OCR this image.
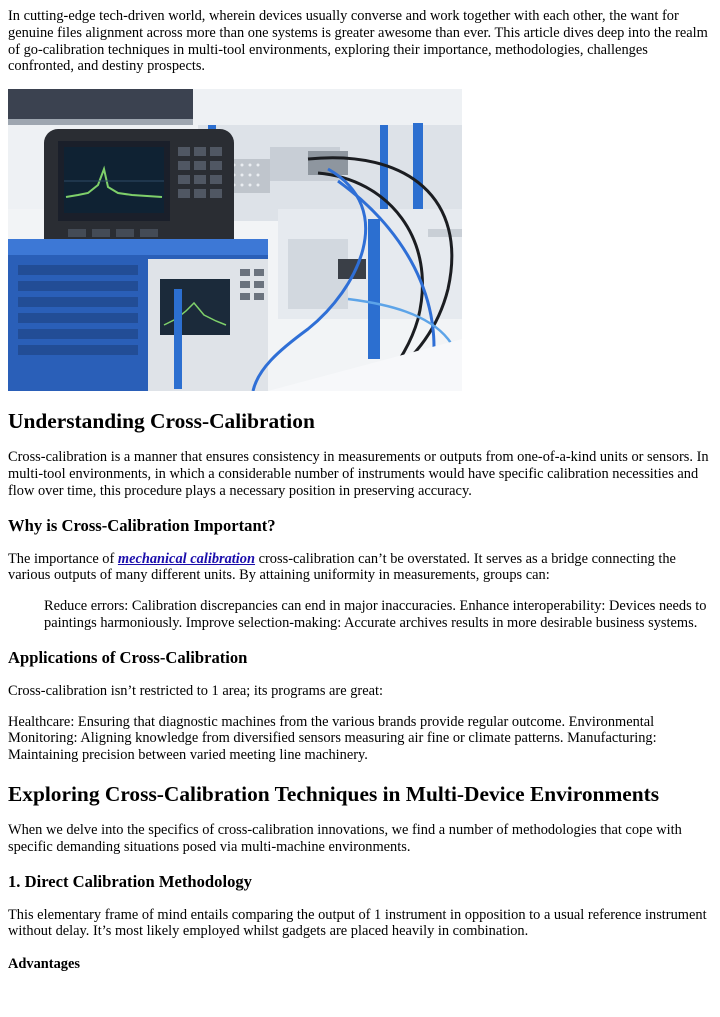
In cutting-edge tech-driven world, wherein devices usually converse and work together with each other, the want for genuine files alignment across more than one systems is greater awesome than ever. This article dives deep into the realm of go-calibration techniques in multi-tool environments, exploring their importance, methodologies, challenges confronted, and destiny prospects.

Understanding Cross-Calibration

Cross-calibration is a manner that ensures consistency in measurements or outputs from one-of-a-kind units or sensors. In multi-tool environments, in which a considerable number of instruments would have specific calibration necessities and flow over time, this procedure plays a necessary position in preserving accuracy.

Why is Cross-Calibration Important?

The importance of mechanical calibration cross-calibration can’t be overstated. It serves as a bridge connecting the various outputs of many different units. By attaining uniformity in measurements, groups can:

Reduce errors: Calibration discrepancies can end in major inaccuracies. Enhance interoperability: Devices needs to paintings harmoniously. Improve selection-making: Accurate archives results in more desirable business systems.
Applications of Cross-Calibration

Cross-calibration isn’t restricted to 1 area; its programs are great:

Healthcare: Ensuring that diagnostic machines from the various brands provide regular outcome. Environmental Monitoring: Aligning knowledge from diversified sensors measuring air fine or climate patterns. Manufacturing: Maintaining precision between varied meeting line machinery.

Exploring Cross-Calibration Techniques in Multi-Device Environments

When we delve into the specifics of cross-calibration innovations, we find a number of methodologies that cope with specific demanding situations posed via multi-machine environments.

1. Direct Calibration Methodology

This elementary frame of mind entails comparing the output of 1 instrument in opposition to a usual reference instrument without delay. It’s most likely employed whilst gadgets are placed heavily in combination.

Advantages
